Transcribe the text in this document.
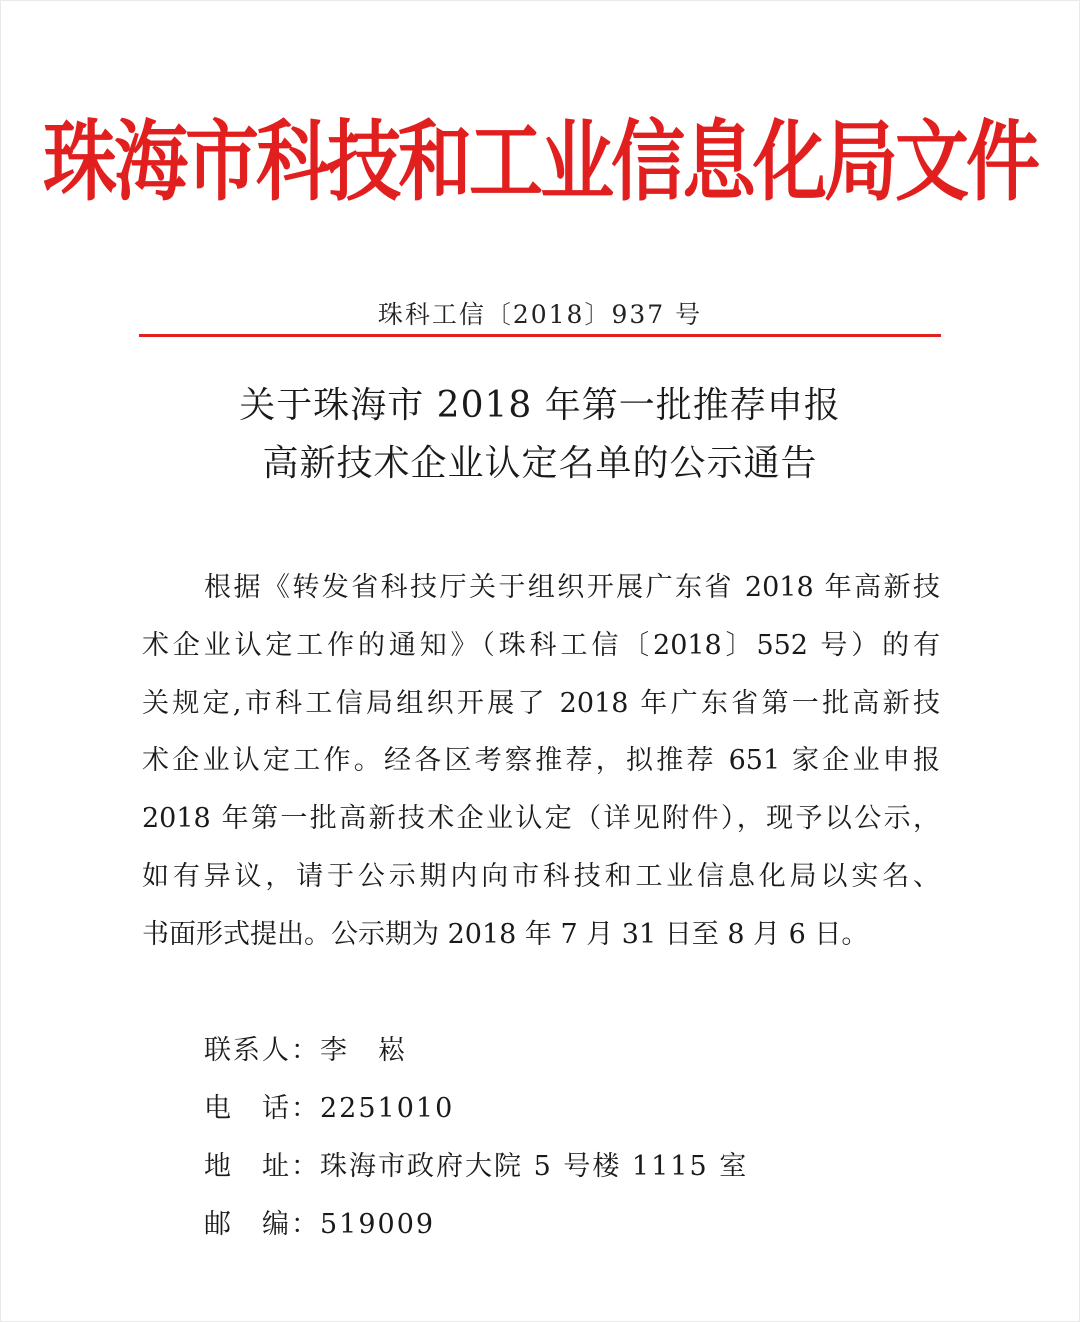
珠海市科技和工业信息化局文件
珠科工信〔2018〕937 号
关于珠海市 2018 年第一批推荐申报
高新技术企业认定名单的公示通告
根据《转发省科技厅关于组织开展广东省 2018 年高新技
术企业认定工作的通知》（珠科工信〔2018〕552 号）的有
关规定,市科工信局组织开展了 2018 年广东省第一批高新技
术企业认定工作。经各区考察推荐，拟推荐 651 家企业申报
2018 年第一批高新技术企业认定（详见附件），现予以公示，
如有异议，请于公示期内向市科技和工业信息化局以实名、
书面形式提出。公示期为 2018 年 7 月 31 日至 8 月 6 日。
联系人：李　崧
电　话：2251010
地　址：珠海市政府大院 5 号楼 1115 室
邮　编：519009
